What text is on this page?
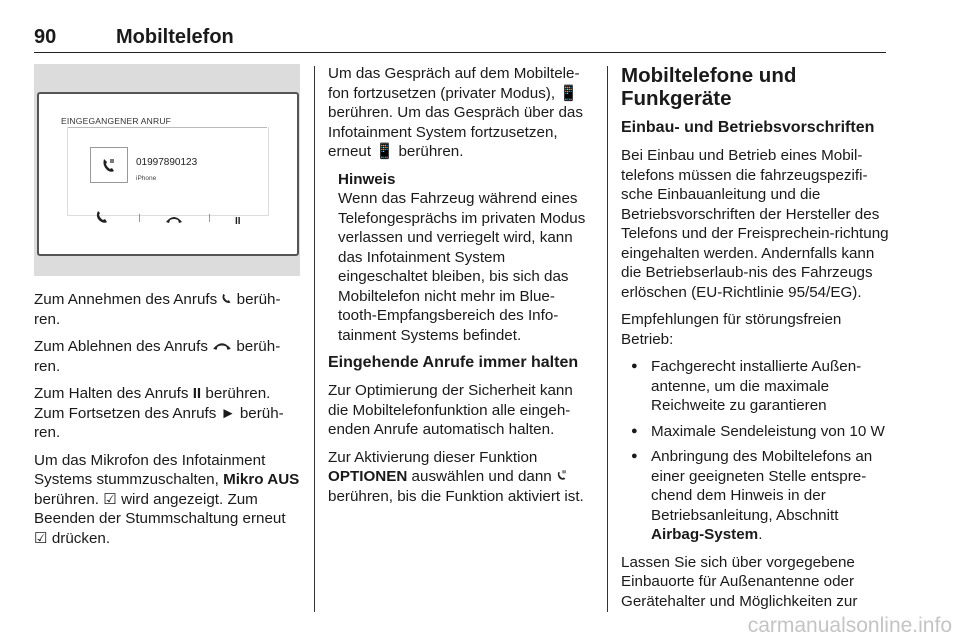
90	Mobiltelefon
EINGEGANGENER ANRUF
01997890123
iPhone
II

Zum Annehmen des Anrufs  berüh-ren.

Zum Ablehnen des Anrufs  berüh-ren.

Zum Halten des Anrufs II berühren.

Zum Fortsetzen des Anrufs ► berüh-ren.

Um das Mikrofon des Infotainment Systems stummzuschalten, Mikro AUS berühren. ☑ wird angezeigt. Zum Beenden der Stummschaltung erneut ☑ drücken.

Um das Gespräch auf dem Mobiltele-fon fortzusetzen (privater Modus), 📱 berühren. Um das Gespräch über das Infotainment System fortzusetzen, erneut 📱 berühren.

Hinweis
Wenn das Fahrzeug während eines Telefongesprächs im privaten Modus verlassen und verriegelt wird, kann das Infotainment System eingeschaltet bleiben, bis sich das Mobiltelefon nicht mehr im Blue-tooth-Empfangsbereich des Info-tainment Systems befindet.
Eingehende Anrufe immer halten

Zur Optimierung der Sicherheit kann die Mobiltelefonfunktion alle eingeh-enden Anrufe automatisch halten.

Zur Aktivierung dieser Funktion OPTIONEN auswählen und dann  berühren, bis die Funktion aktiviert ist.

Mobiltelefone und Funkgeräte
Einbau- und Betriebsvorschriften

Bei Einbau und Betrieb eines Mobil-telefons müssen die fahrzeugspezifi-sche Einbauanleitung und die Betriebsvorschriften der Hersteller des Telefons und der Freisprechein-richtung eingehalten werden. Andernfalls kann die Betriebserlaub-nis des Fahrzeugs erlöschen (EU-Richtlinie 95/54/EG).

Empfehlungen für störungsfreien Betrieb:

● Fachgerecht installierte Außen-antenne, um die maximale Reichweite zu garantieren
● Maximale Sendeleistung von 10 W
● Anbringung des Mobiltelefons an einer geeigneten Stelle entspre-chend dem Hinweis in der Betriebsanleitung, Abschnitt Airbag-System.

Lassen Sie sich über vorgegebene Einbauorte für Außenantenne oder Gerätehalter und Möglichkeiten zur

carmanualsonline.info
